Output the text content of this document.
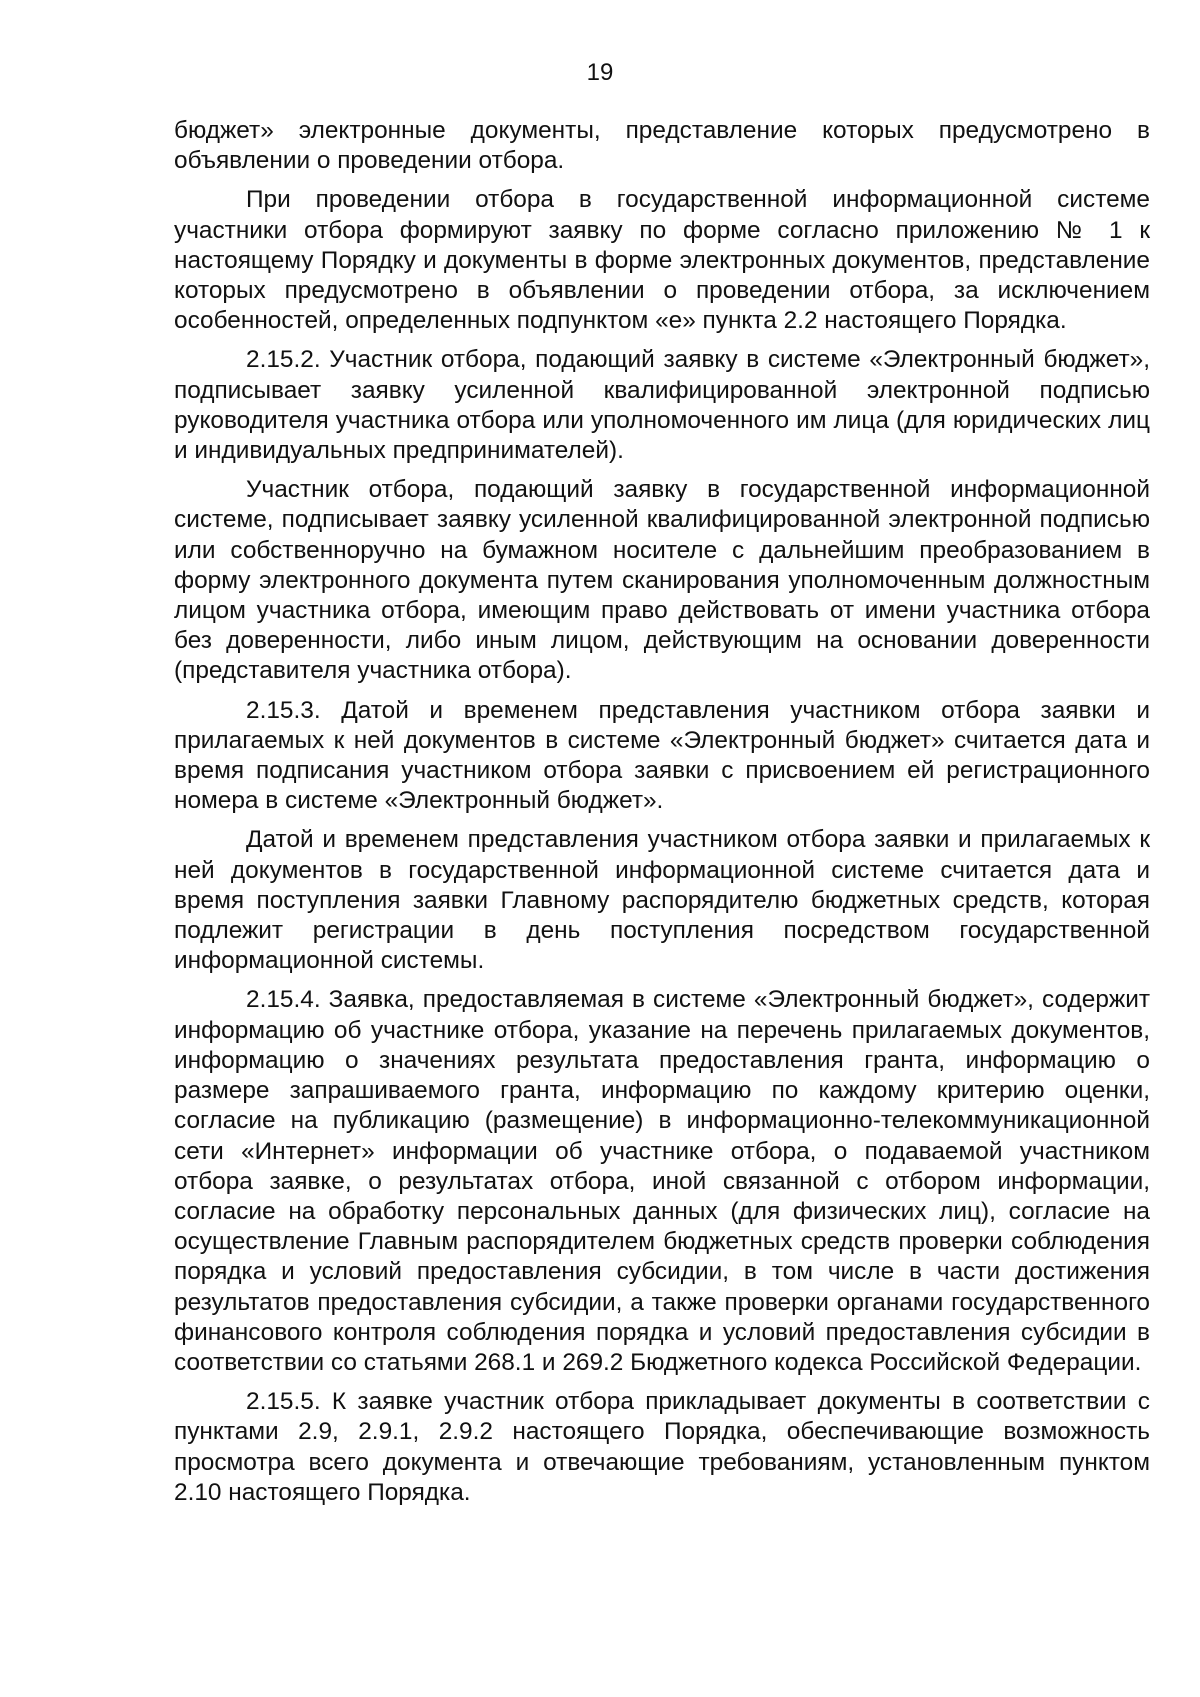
19

бюджет» электронные документы, представление которых предусмотрено в объявлении о проведении отбора.

При проведении отбора в государственной информационной системе участники отбора формируют заявку по форме согласно приложению № 1 к настоящему Порядку и документы в форме электронных документов, представление которых предусмотрено в объявлении о проведении отбора, за исключением особенностей, определенных подпунктом «е» пункта 2.2 настоящего Порядка.

2.15.2. Участник отбора, подающий заявку в системе «Электронный бюджет», подписывает заявку усиленной квалифицированной электронной подписью руководителя участника отбора или уполномоченного им лица (для юридических лиц и индивидуальных предпринимателей).

Участник отбора, подающий заявку в государственной информационной системе, подписывает заявку усиленной квалифицированной электронной подписью или собственноручно на бумажном носителе с дальнейшим преобразованием в форму электронного документа путем сканирования уполномоченным должностным лицом участника отбора, имеющим право действовать от имени участника отбора без доверенности, либо иным лицом, действующим на основании доверенности (представителя участника отбора).

2.15.3. Датой и временем представления участником отбора заявки и прилагаемых к ней документов в системе «Электронный бюджет» считается дата и время подписания участником отбора заявки с присвоением ей регистрационного номера в системе «Электронный бюджет».

Датой и временем представления участником отбора заявки и прилагаемых к ней документов в государственной информационной системе считается дата и время поступления заявки Главному распорядителю бюджетных средств, которая подлежит регистрации в день поступления посредством государственной информационной системы.

2.15.4. Заявка, предоставляемая в системе «Электронный бюджет», содержит информацию об участнике отбора, указание на перечень прилагаемых документов, информацию о значениях результата предоставления гранта, информацию о размере запрашиваемого гранта, информацию по каждому критерию оценки, согласие на публикацию (размещение) в информационно-телекоммуникационной сети «Интернет» информации об участнике отбора, о подаваемой участником отбора заявке, о результатах отбора, иной связанной с отбором информации, согласие на обработку персональных данных (для физических лиц), согласие на осуществление Главным распорядителем бюджетных средств проверки соблюдения порядка и условий предоставления субсидии, в том числе в части достижения результатов предоставления субсидии, а также проверки органами государственного финансового контроля соблюдения порядка и условий предоставления субсидии в соответствии со статьями 268.1 и 269.2 Бюджетного кодекса Российской Федерации.

2.15.5. К заявке участник отбора прикладывает документы в соответствии с пунктами 2.9, 2.9.1, 2.9.2 настоящего Порядка, обеспечивающие возможность просмотра всего документа и отвечающие требованиям, установленным пунктом 2.10 настоящего Порядка.
